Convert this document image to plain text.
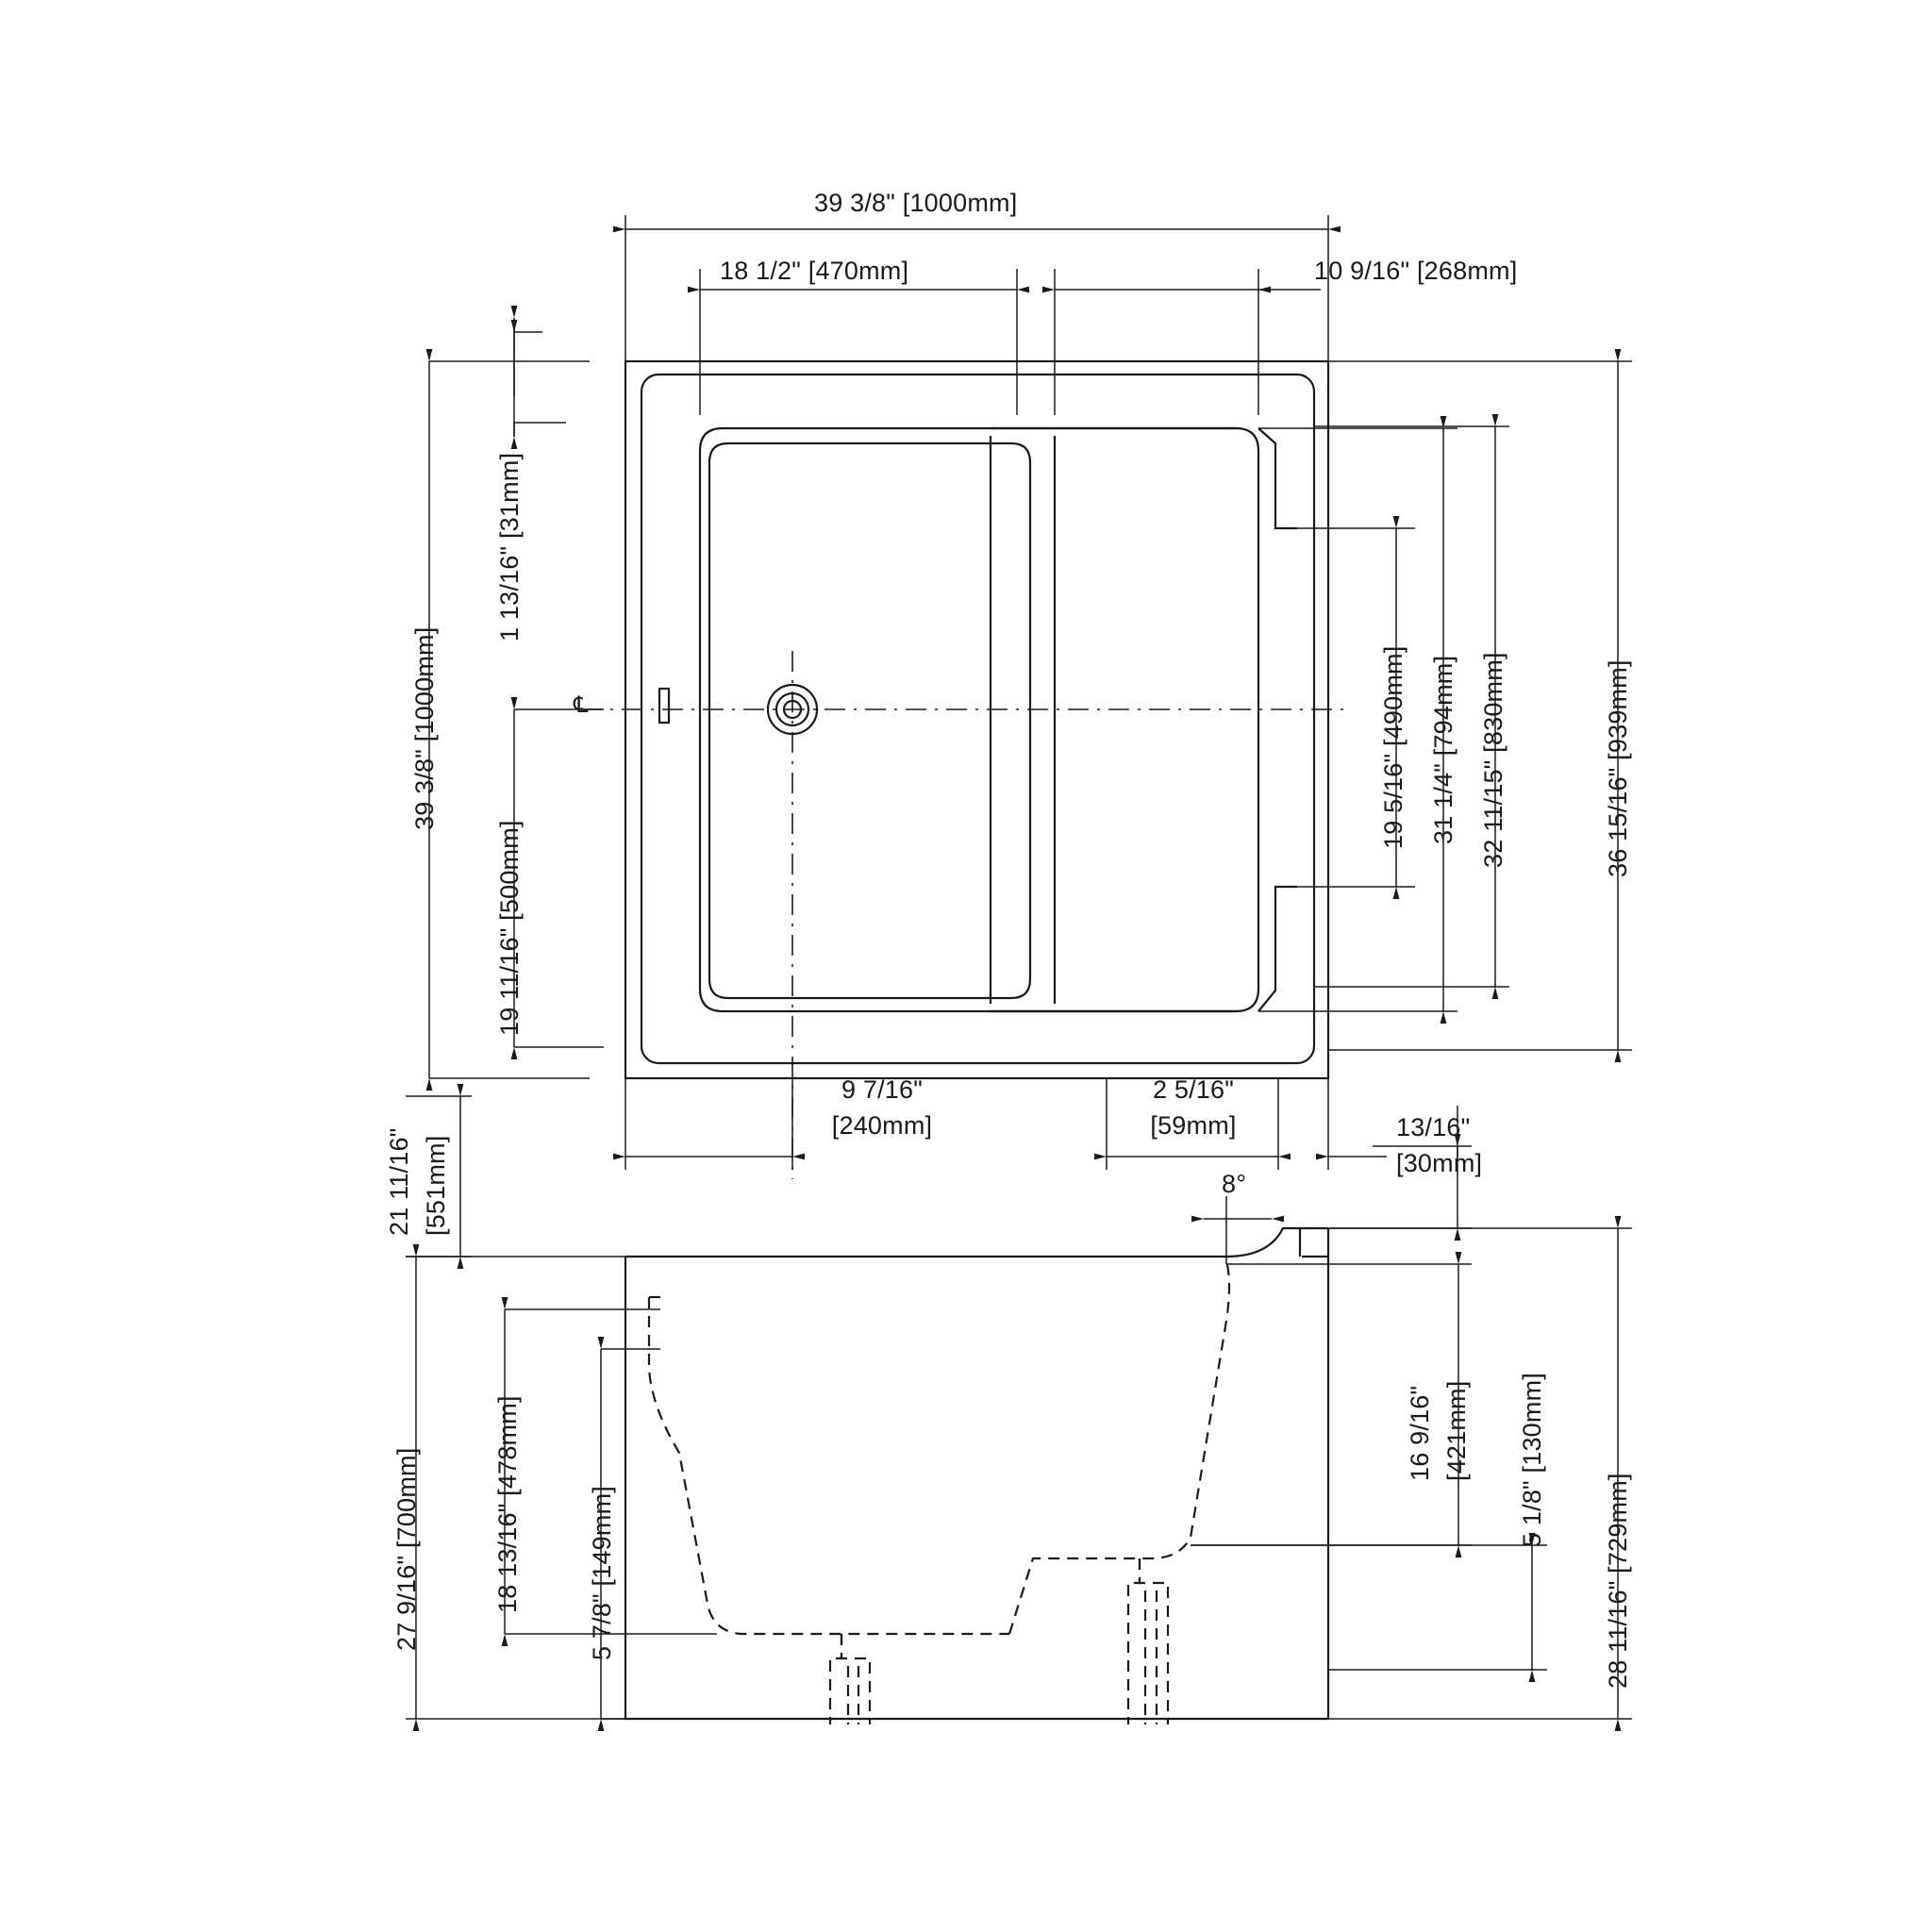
39 3/8" [1000mm]
18 1/2" [470mm]	10 9/16" [268mm]
39 3/8" [1000mm]
1 13/16" [31mm]
19 11/16" [500mm]
℄	19 5/16" [490mm] 31 1/4" [794mm] 32 11/15" [830mm]	36 15/16" [939mm]
9 7/16"
[240mm]
2 5/16"
[59mm]	13/16"
[30mm]
21 11/16" [551mm]
27 9/16" [700mm]	18 13/16" [478mm]	5 7/8" [149mm]
8°
16 9/16" [421mm] 5 1/8" [130mm]
28 11/16" [729mm]
